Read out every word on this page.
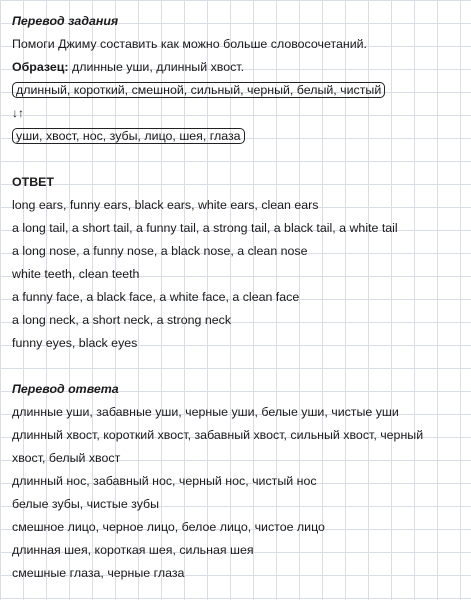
Перевод задания
Помоги Джиму составить как можно больше словосочетаний.
Образец: длинные уши, длинный хвост.
длинный, короткий, смешной, сильный, черный, белый, чистый
↓↑
уши, хвост, нос, зубы, лицо, шея, глаза
ОТВЕТ
long ears, funny ears, black ears, white ears, clean ears
a long tail, a short tail, a funny tail, a strong tail, a black tail, a white tail
a long nose, a funny nose, a black nose, a clean nose
white teeth, clean teeth
a funny face, a black face, a white face, a clean face
a long neck, a short neck, a strong neck
funny eyes, black eyes
Перевод ответа
длинные уши, забавные уши, черные уши, белые уши, чистые уши
длинный хвост, короткий хвост, забавный хвост, сильный хвост, черный
хвост, белый хвост
длинный нос, забавный нос, черный нос, чистый нос
белые зубы, чистые зубы
смешное лицо, черное лицо, белое лицо, чистое лицо
длинная шея, короткая шея, сильная шея
смешные глаза, черные глаза
